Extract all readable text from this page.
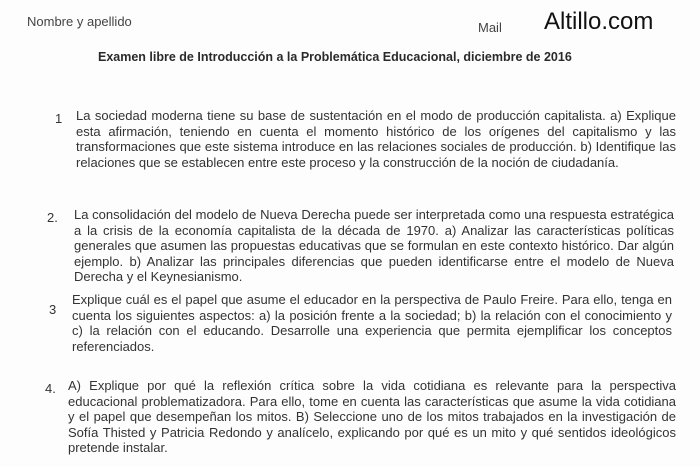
Nombre y apellido	Mail Altillo.com
Examen libre de Introducción a la Problemática Educacional, diciembre de 2016
1 La sociedad moderna tiene su base de sustentación en el modo de producción capitalista. a) Explique esta afirmación, teniendo en cuenta el momento histórico de los orígenes del capitalismo y las transformaciones que este sistema introduce en las relaciones sociales de producción. b) Identifique las relaciones que se establecen entre este proceso y la construcción de la noción de ciudadanía.
2. La consolidación del modelo de Nueva Derecha puede ser interpretada como una respuesta estratégica a la crisis de la economía capitalista de la década de 1970. a) Analizar las características políticas generales que asumen las propuestas educativas que se formulan en este contexto histórico. Dar algún ejemplo. b) Analizar las principales diferencias que pueden identificarse entre el modelo de Nueva Derecha y el Keynesianismo.
3
Explique cuál es el papel que asume el educador en la perspectiva de Paulo Freire. Para ello, tenga en cuenta los siguientes aspectos: a) la posición frente a la sociedad; b) la relación con el conocimiento y c) la relación con el educando. Desarrolle una experiencia que permita ejemplificar los conceptos referenciados.
4. A) Explique por qué la reflexión crítica sobre la vida cotidiana es relevante para la perspectiva educacional problematizadora. Para ello, tome en cuenta las características que asume la vida cotidiana y el papel que desempeñan los mitos. B) Seleccione uno de los mitos trabajados en la investigación de Sofía Thisted y Patricia Redondo y analícelo, explicando por qué es un mito y qué sentidos ideológicos pretende instalar.
